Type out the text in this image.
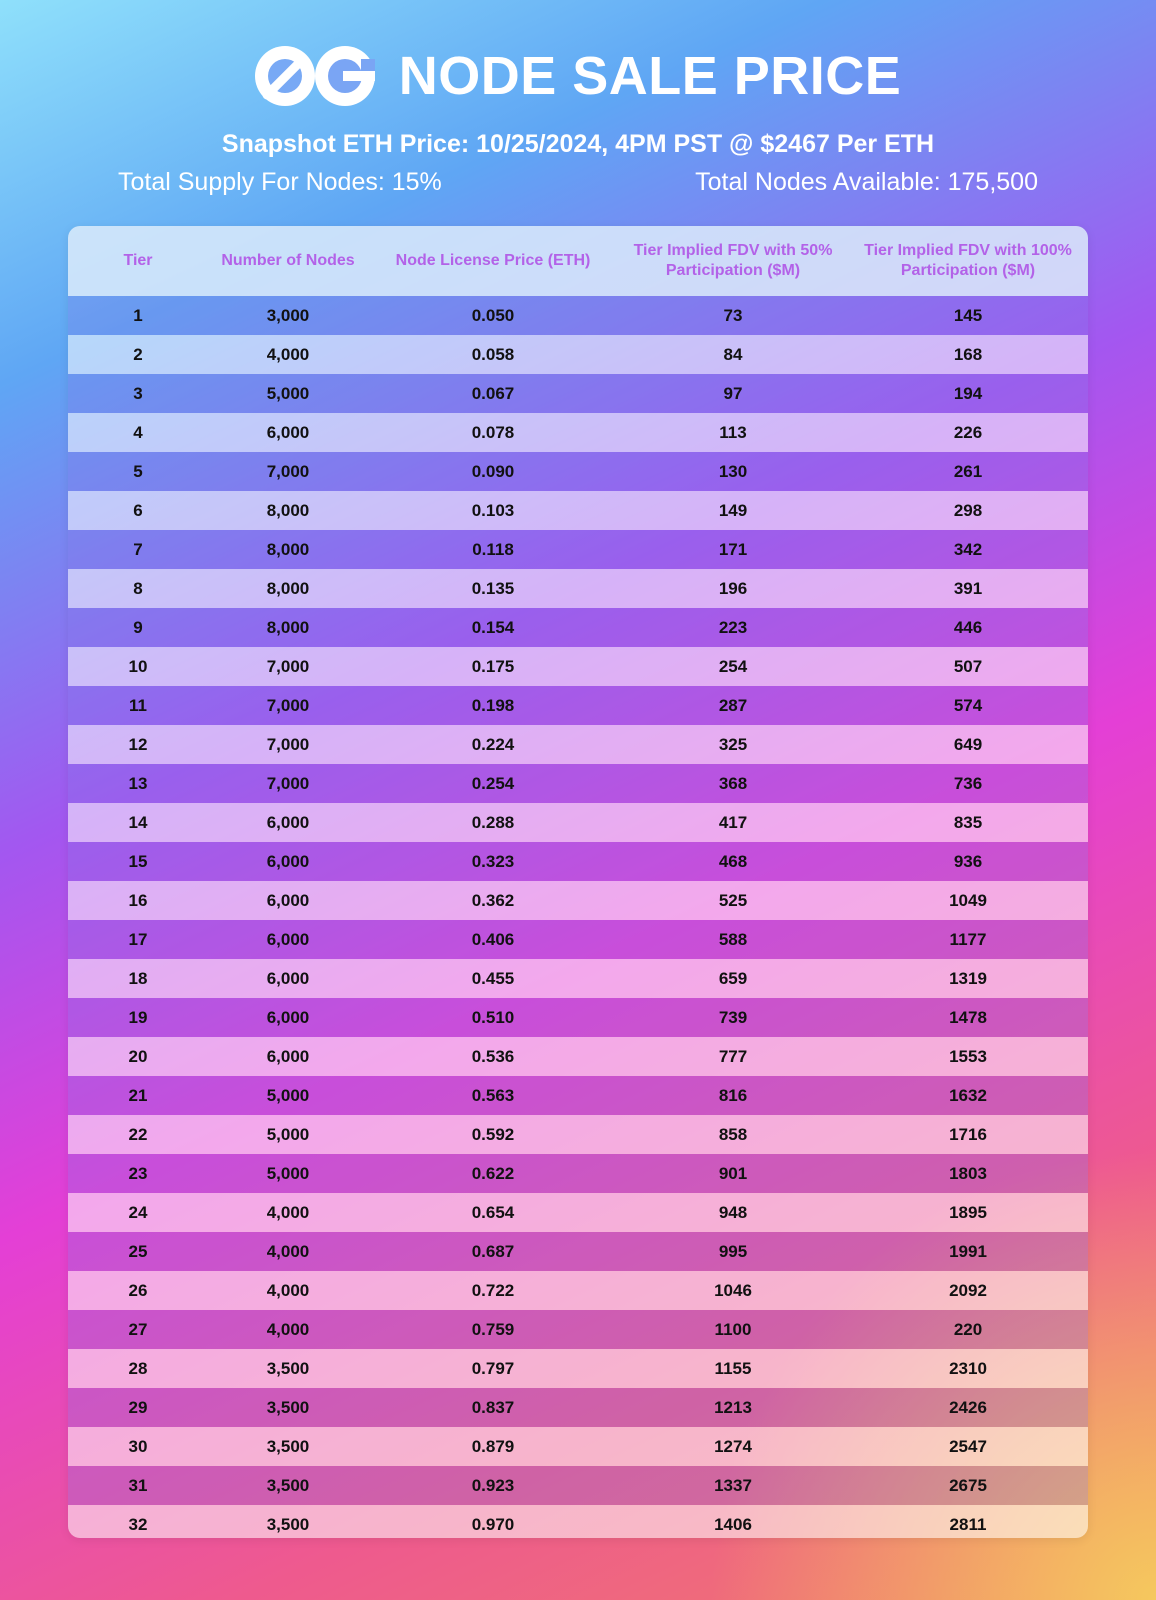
NODE SALE PRICE
Snapshot ETH Price: 10/25/2024, 4PM PST @ $2467 Per ETH
Total Supply For Nodes: 15%	Total Nodes Available: 175,500
Tier	Number of Nodes	Node License Price (ETH)	Tier Implied FDV with 50% Participation ($M)	Tier Implied FDV with 100% Participation ($M)
1	3,000	0.050	73	145
2	4,000	0.058	84	168
3	5,000	0.067	97	194
4	6,000	0.078	113	226
5	7,000	0.090	130	261
6	8,000	0.103	149	298
7	8,000	0.118	171	342
8	8,000	0.135	196	391
9	8,000	0.154	223	446
10	7,000	0.175	254	507
11	7,000	0.198	287	574
12	7,000	0.224	325	649
13	7,000	0.254	368	736
14	6,000	0.288	417	835
15	6,000	0.323	468	936
16	6,000	0.362	525	1049
17	6,000	0.406	588	1177
18	6,000	0.455	659	1319
19	6,000	0.510	739	1478
20	6,000	0.536	777	1553
21	5,000	0.563	816	1632
22	5,000	0.592	858	1716
23	5,000	0.622	901	1803
24	4,000	0.654	948	1895
25	4,000	0.687	995	1991
26	4,000	0.722	1046	2092
27	4,000	0.759	1100	220
28	3,500	0.797	1155	2310
29	3,500	0.837	1213	2426
30	3,500	0.879	1274	2547
31	3,500	0.923	1337	2675
32	3,500	0.970	1406	2811
